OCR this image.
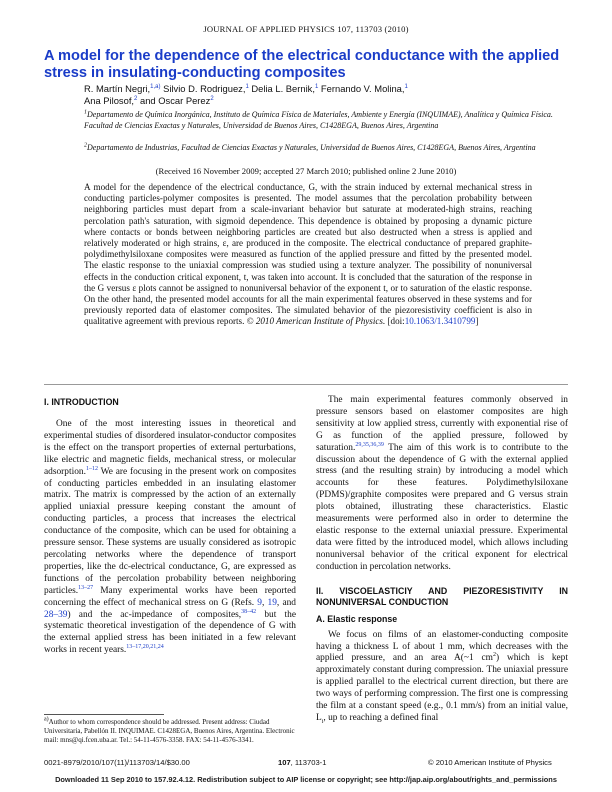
JOURNAL OF APPLIED PHYSICS 107, 113703 (2010)
A model for the dependence of the electrical conductance with the applied stress in insulating-conducting composites
R. Martín Negri,$^{1,a)}$ Silvio D. Rodriguez,$^1$ Delia L. Bernik,$^1$ Fernando V. Molina,$^1$
Ana Pilosof,$^2$ and Oscar Perez$^2$
$^1$Departamento de Química Inorgánica, Instituto de Química Física de Materiales, Ambiente y Energía (INQUIMAE), Analítica y Química Física. Facultad de Ciencias Exactas y Naturales, Universidad de Buenos Aires, C1428EGA, Buenos Aires, Argentina
$^2$Departamento de Industrias, Facultad de Ciencias Exactas y Naturales, Universidad de Buenos Aires, C1428EGA, Buenos Aires, Argentina
(Received 16 November 2009; accepted 27 March 2010; published online 2 June 2010)
A model for the dependence of the electrical conductance, G, with the strain induced by external mechanical stress in conducting particles-polymer composites is presented. The model assumes that the percolation probability between neighboring particles must depart from a scale-invariant behavior but saturate at moderated-high strains, reaching percolation path's saturation, with sigmoid dependence. This dependence is obtained by proposing a dynamic picture where contacts or bonds between neighboring particles are created but also destructed when a stress is applied and relatively moderated or high strains, ε, are produced in the composite. The electrical conductance of prepared graphite-polydimethylsiloxane composites were measured as function of the applied pressure and fitted by the presented model. The elastic response to the uniaxial compression was studied using a texture analyzer. The possibility of nonuniversal effects in the conduction critical exponent, t, was taken into account. It is concluded that the saturation of the response in the G versus ε plots cannot be assigned to nonuniversal behavior of the exponent t, or to saturation of the elastic response. On the other hand, the presented model accounts for all the main experimental features observed in these systems and for previously reported data of elastomer composites. The simulated behavior of the piezoresistivity coefficient is also in qualitative agreement with previous reports. © 2010 American Institute of Physics. [doi:10.1063/1.3410799]
I. INTRODUCTION

One of the most interesting issues in theoretical and experimental studies of disordered insulator-conductor composites is the effect on the transport properties of external perturbations, like electric and magnetic fields, mechanical stress, or molecular adsorption.$^{1-12}$ We are focusing in the present work on composites of conducting particles embedded in an insulating elastomer matrix. The matrix is compressed by the action of an externally applied uniaxial pressure keeping constant the amount of conducting particles, a process that increases the electrical conductance of the composite, which can be used for obtaining a pressure sensor. These systems are usually considered as isotropic percolating networks where the dependence of transport properties, like the dc-electrical conductance, G, are expressed as functions of the percolation probability between neighboring particles.$^{13-27}$ Many experimental works have been reported concerning the effect of mechanical stress on G (Refs. 9, 19, and 28–39) and the ac-impedance of composites,$^{38-42}$ but the systematic theoretical investigation of the dependence of G with the external applied stress has been initiated in a few relevant works in recent years.$^{13-17,20,21,24}$

The main experimental features commonly observed in pressure sensors based on elastomer composites are high sensitivity at low applied stress, currently with exponential rise of G as function of the applied pressure, followed by saturation.$^{29,35,36,39}$ The aim of this work is to contribute to the discussion about the dependence of G with the external applied stress (and the resulting strain) by introducing a model which accounts for these features. Polydimethylsiloxane (PDMS)/graphite composites were prepared and G versus strain plots obtained, illustrating these characteristics. Elastic measurements were performed also in order to determine the elastic response to the external uniaxial pressure. Experimental data were fitted by the introduced model, which allows including nonuniversal behavior of the critical exponent for electrical conduction in percolation networks.

II. VISCOELASTICIY AND PIEZORESISTIVITY IN NONUNIVERSAL CONDUCTION
A. Elastic response

We focus on films of an elastomer-conducting composite having a thickness L of about 1 mm, which decreases with the applied pressure, and an area A(~1 $cm^2$) which is kept approximately constant during compression. The uniaxial pressure is applied parallel to the electrical current direction, but there are two ways of performing compression. The first one is compressing the film at a constant speed (e.g., 0.1 mm/s) from an initial value, $L_i$, up to reaching a defined final

a)Author to whom correspondence should be addressed. Present address: Ciudad Universitaria, Pabellón II. INQUIMAE. C1428EGA, Buenos Aires, Argentina. Electronic mail: mns@qi.fcen.uba.ar. Tel.: 54-11-4576-3358. FAX: 54-11-4576-3341.
0021-8979/2010/107(11)/113703/14/$30.00	107, 113703-1	© 2010 American Institute of Physics
Downloaded 11 Sep 2010 to 157.92.4.12. Redistribution subject to AIP license or copyright; see http://jap.aip.org/about/rights_and_permissions
